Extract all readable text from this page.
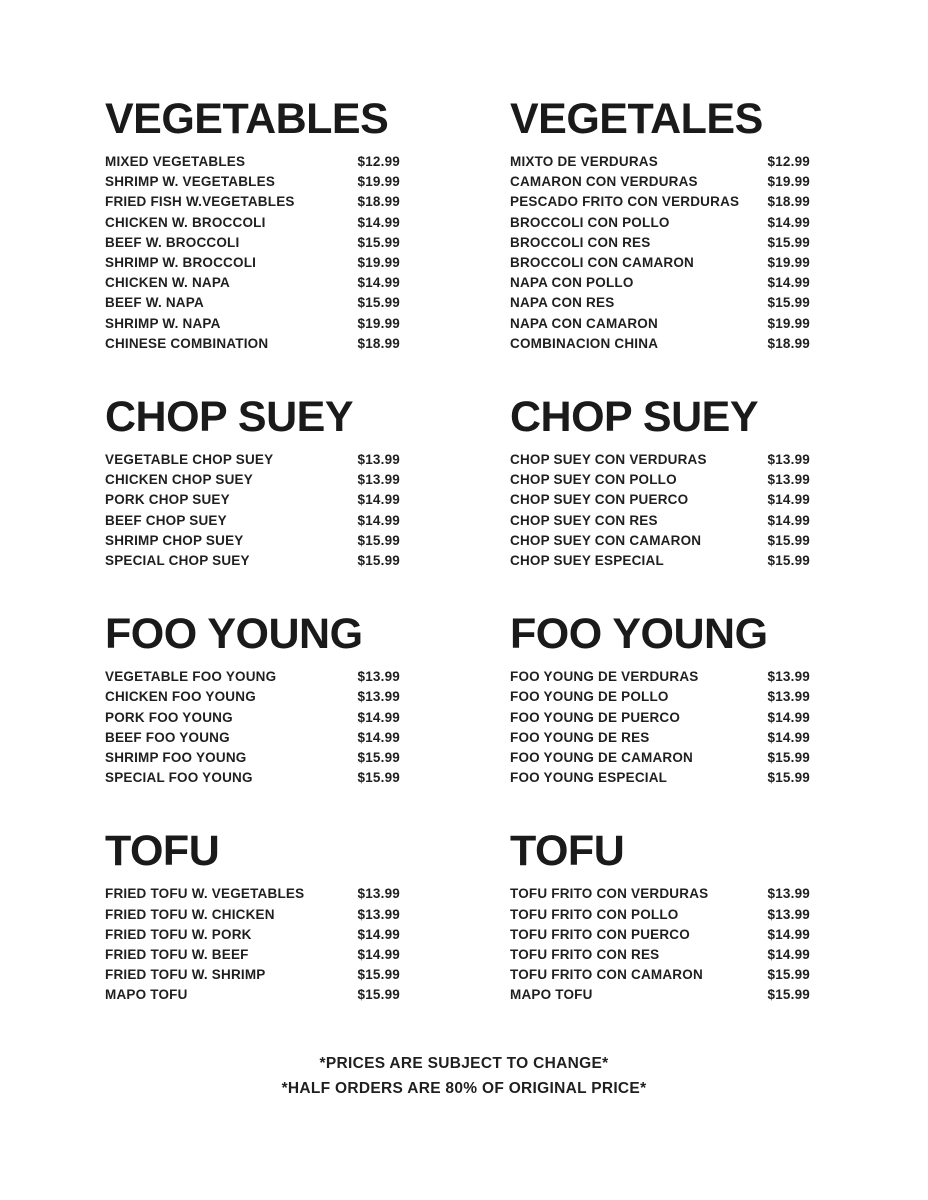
VEGETABLES
MIXED VEGETABLES	$12.99
SHRIMP W. VEGETABLES	$19.99
FRIED FISH W.VEGETABLES	$18.99
CHICKEN W. BROCCOLI	$14.99
BEEF W. BROCCOLI	$15.99
SHRIMP W. BROCCOLI	$19.99
CHICKEN W. NAPA	$14.99
BEEF W. NAPA	$15.99
SHRIMP W. NAPA	$19.99
CHINESE COMBINATION	$18.99
VEGETALES
MIXTO DE VERDURAS	$12.99
CAMARON CON VERDURAS	$19.99
PESCADO FRITO CON VERDURAS	$18.99
BROCCOLI CON POLLO	$14.99
BROCCOLI CON RES	$15.99
BROCCOLI CON CAMARON	$19.99
NAPA CON POLLO	$14.99
NAPA CON RES	$15.99
NAPA CON CAMARON	$19.99
COMBINACION CHINA	$18.99
CHOP SUEY
VEGETABLE CHOP SUEY	$13.99
CHICKEN CHOP SUEY	$13.99
PORK CHOP SUEY	$14.99
BEEF CHOP SUEY	$14.99
SHRIMP CHOP SUEY	$15.99
SPECIAL CHOP SUEY	$15.99
CHOP SUEY
CHOP SUEY CON VERDURAS	$13.99
CHOP SUEY CON POLLO	$13.99
CHOP SUEY CON PUERCO	$14.99
CHOP SUEY CON RES	$14.99
CHOP SUEY CON CAMARON	$15.99
CHOP SUEY ESPECIAL	$15.99
FOO YOUNG
VEGETABLE FOO YOUNG	$13.99
CHICKEN FOO YOUNG	$13.99
PORK FOO YOUNG	$14.99
BEEF FOO YOUNG	$14.99
SHRIMP FOO YOUNG	$15.99
SPECIAL FOO YOUNG	$15.99
FOO YOUNG
FOO YOUNG DE VERDURAS	$13.99
FOO YOUNG DE POLLO	$13.99
FOO YOUNG DE PUERCO	$14.99
FOO YOUNG DE RES	$14.99
FOO YOUNG DE CAMARON	$15.99
FOO YOUNG ESPECIAL	$15.99
TOFU
FRIED TOFU W. VEGETABLES	$13.99
FRIED TOFU W. CHICKEN	$13.99
FRIED TOFU W. PORK	$14.99
FRIED TOFU W. BEEF	$14.99
FRIED TOFU W. SHRIMP	$15.99
MAPO TOFU	$15.99
TOFU
TOFU FRITO CON VERDURAS	$13.99
TOFU FRITO CON POLLO	$13.99
TOFU FRITO CON PUERCO	$14.99
TOFU FRITO CON RES	$14.99
TOFU FRITO CON CAMARON	$15.99
MAPO TOFU	$15.99

*PRICES ARE SUBJECT TO CHANGE*

*HALF ORDERS ARE 80% OF ORIGINAL PRICE*
